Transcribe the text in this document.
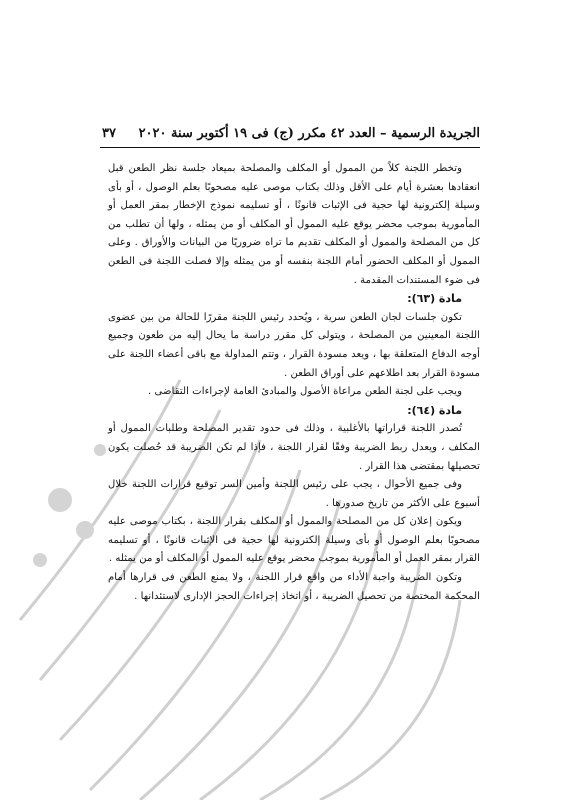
الجريدة الرسمية – العدد ٤٢ مكرر (ج) فى ١٩ أكتوبر سنة ٢٠٢٠     ٣٧

وتخطر اللجنة كلاً من الممول أو المكلف والمصلحة بميعاد جلسة نظر الطعن قبل انعقادها بعشرة أيام على الأقل وذلك بكتاب موصى عليه مصحوبًا بعلم الوصول ، أو بأى وسيلة إلكترونية لها حجية فى الإثبات قانونًا ، أو تسليمه نموذج الإخطار بمقر العمل أو المأمورية بموجب محضر يوقع عليه الممول أو المكلف أو من يمثله ، ولها أن تطلب من كل من المصلحة والممول أو المكلف تقديم ما تراه ضروريًا من البيانات والأوراق . وعلى الممول أو المكلف الحضور أمام اللجنة بنفسه أو من يمثله وإلا فصلت اللجنة فى الطعن فى ضوء المستندات المقدمة .

مادة (٦٣):

تكون جلسات لجان الطعن سرية ، ويُحدد رئيس اللجنة مقررًا للحالة من بين عضوى اللجنة المعينين من المصلحة ، ويتولى كل مقرر دراسة ما يحال إليه من طعون وجميع أوجه الدفاع المتعلقة بها ، ويعد مسودة القرار ، وتتم المداولة مع باقى أعضاء اللجنة على مسودة القرار بعد اطلاعهم على أوراق الطعن .

ويجب على لجنة الطعن مراعاة الأصول والمبادئ العامة لإجراءات التقاضى .

مادة (٦٤):

تُصدر اللجنة قراراتها بالأغلبية ، وذلك فى حدود تقدير المصلحة وطلبات الممول أو المكلف ، ويعدل ربط الضريبة وفقًا لقرار اللجنة ، فإذا لم تكن الضريبة قد حُصلت يكون تحصيلها بمقتضى هذا القرار .

وفى جميع الأحوال ، يجب على رئيس اللجنة وأمين السر توقيع قرارات اللجنة خلال أسبوع على الأكثر من تاريخ صدورها .

ويكون إعلان كل من المصلحة والممول أو المكلف بقرار اللجنة ، بكتاب موصى عليه مصحوبًا بعلم الوصول أو بأى وسيلة إلكترونية لها حجية فى الإثبات قانونًا ، أو تسليمه القرار بمقر العمل أو المأمورية بموجب محضر يوقع عليه الممول أو المكلف أو من يمثله .

وتكون الضريبة واجبة الأداء من واقع قرار اللجنة ، ولا يمنع الطعن فى قرارها أمام المحكمة المختصة من تحصيل الضريبة ، أو اتخاذ إجراءات الحجز الإدارى لاستئدانها .
